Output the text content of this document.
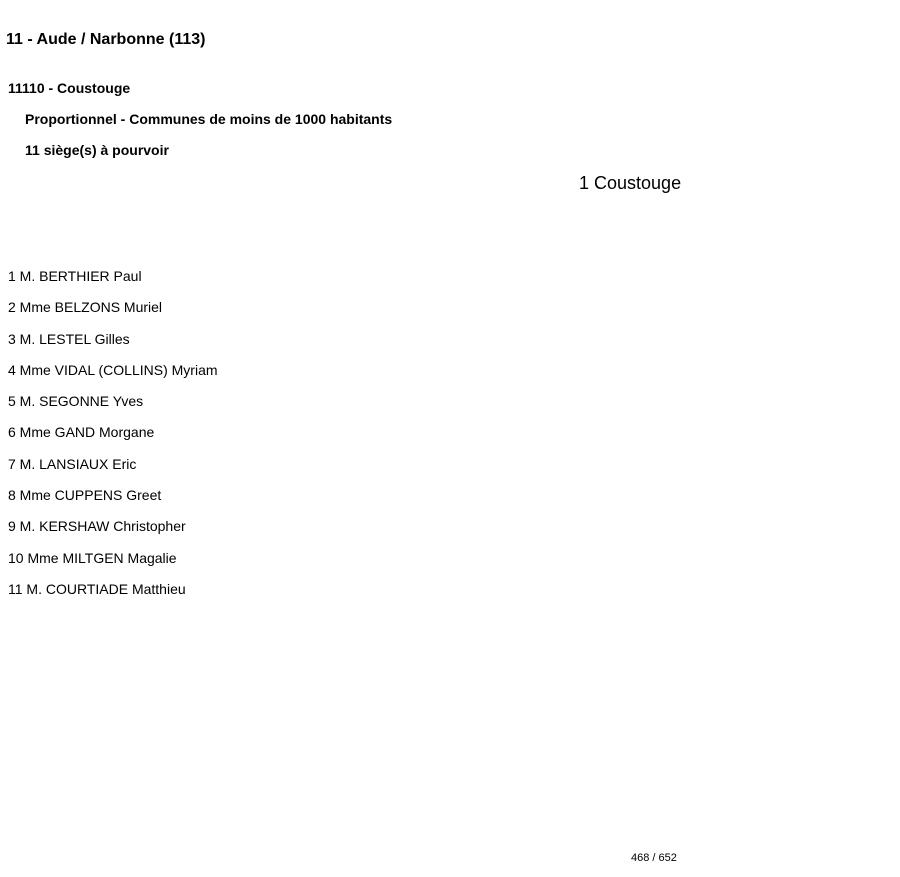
11 - Aude / Narbonne (113)
11110 - Coustouge
Proportionnel - Communes de moins de 1000 habitants
11 siège(s) à pourvoir
1 Coustouge
1 M. BERTHIER Paul
2 Mme BELZONS Muriel
3 M. LESTEL Gilles
4 Mme VIDAL (COLLINS) Myriam
5 M. SEGONNE Yves
6 Mme GAND Morgane
7 M. LANSIAUX Eric
8 Mme CUPPENS Greet
9 M. KERSHAW Christopher
10 Mme MILTGEN Magalie
11 M. COURTIADE Matthieu
468 / 652
